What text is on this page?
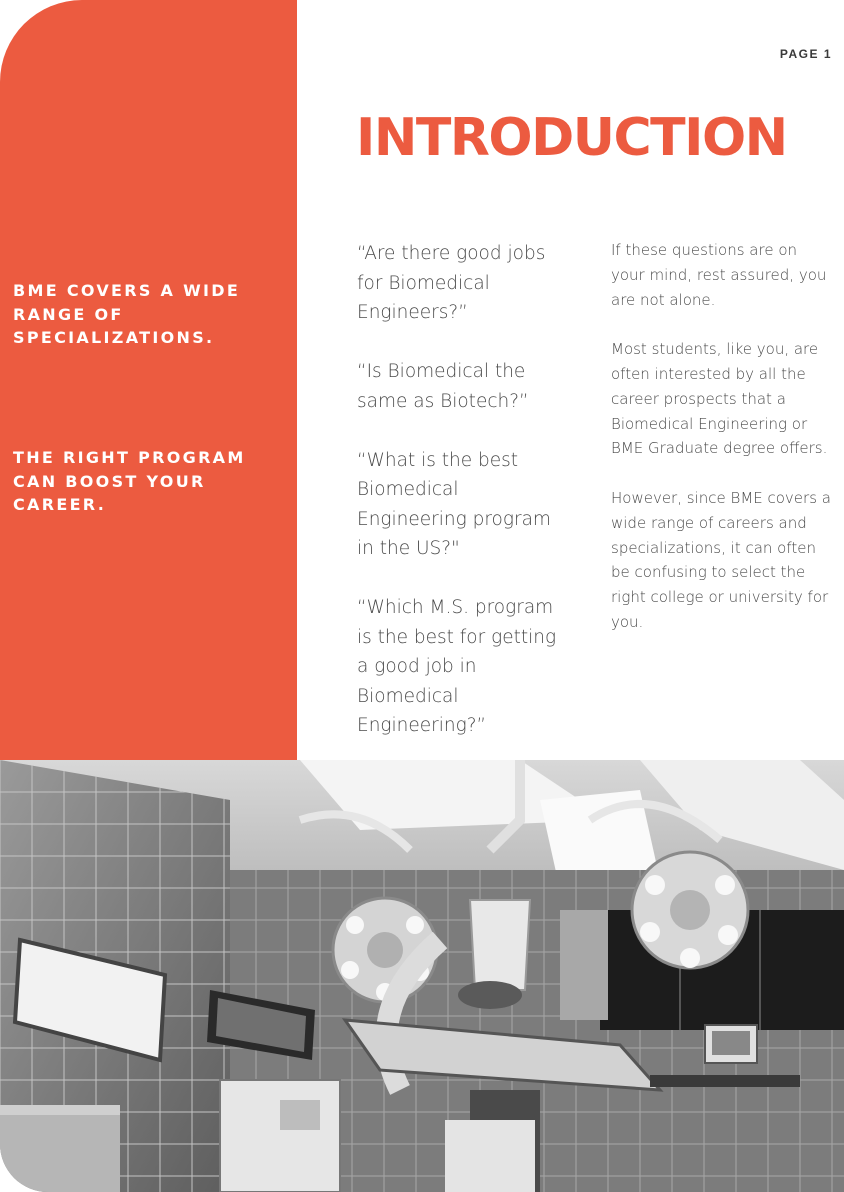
PAGE 1

BME COVERS A WIDE RANGE OF SPECIALIZATIONS.

THE RIGHT PROGRAM CAN BOOST YOUR CAREER.

INTRODUCTION

“Are there good jobs for Biomedical Engineers?”

“Is Biomedical the same as Biotech?”

“What is the best Biomedical Engineering program in the US?"

“Which M.S. program is the best for getting a good job in Biomedical Engineering?”

If these questions are on your mind, rest assured, you are not alone.

Most students, like you, are often interested by all the career prospects that a Biomedical Engineering or BME Graduate degree offers.

However, since BME covers a wide range of careers and specializations, it can often be confusing to select the right college or university for you.
